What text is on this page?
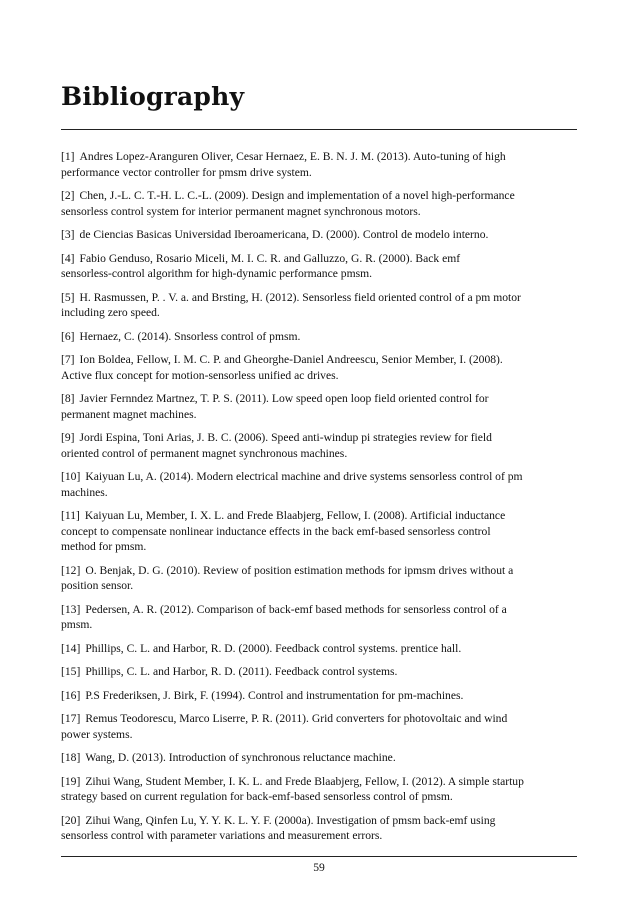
Bibliography
[1] Andres Lopez-Aranguren Oliver, Cesar Hernaez, E. B. N. J. M. (2013). Auto-tuning of high
performance vector controller for pmsm drive system.
[2] Chen, J.-L. C. T.-H. L. C.-L. (2009). Design and implementation of a novel high-performance
sensorless control system for interior permanent magnet synchronous motors.
[3] de Ciencias Basicas Universidad Iberoamericana, D. (2000). Control de modelo interno.
[4] Fabio Genduso, Rosario Miceli, M. I. C. R. and Galluzzo, G. R. (2000). Back emf
sensorless-control algorithm for high-dynamic performance pmsm.
[5] H. Rasmussen, P. . V. a. and Brsting, H. (2012). Sensorless field oriented control of a pm motor
including zero speed.
[6] Hernaez, C. (2014). Snsorless control of pmsm.
[7] Ion Boldea, Fellow, I. M. C. P. and Gheorghe-Daniel Andreescu, Senior Member, I. (2008).
Active flux concept for motion-sensorless unified ac drives.
[8] Javier Fernndez Martnez, T. P. S. (2011). Low speed open loop field oriented control for
permanent magnet machines.
[9] Jordi Espina, Toni Arias, J. B. C. (2006). Speed anti-windup pi strategies review for field
oriented control of permanent magnet synchronous machines.
[10] Kaiyuan Lu, A. (2014). Modern electrical machine and drive systems sensorless control of pm
machines.
[11] Kaiyuan Lu, Member, I. X. L. and Frede Blaabjerg, Fellow, I. (2008). Artificial inductance
concept to compensate nonlinear inductance effects in the back emf-based sensorless control
method for pmsm.
[12] O. Benjak, D. G. (2010). Review of position estimation methods for ipmsm drives without a
position sensor.
[13] Pedersen, A. R. (2012). Comparison of back-emf based methods for sensorless control of a
pmsm.
[14] Phillips, C. L. and Harbor, R. D. (2000). Feedback control systems. prentice hall.
[15] Phillips, C. L. and Harbor, R. D. (2011). Feedback control systems.
[16] P.S Frederiksen, J. Birk, F. (1994). Control and instrumentation for pm-machines.
[17] Remus Teodorescu, Marco Liserre, P. R. (2011). Grid converters for photovoltaic and wind
power systems.
[18] Wang, D. (2013). Introduction of synchronous reluctance machine.
[19] Zihui Wang, Student Member, I. K. L. and Frede Blaabjerg, Fellow, I. (2012). A simple startup
strategy based on current regulation for back-emf-based sensorless control of pmsm.
[20] Zihui Wang, Qinfen Lu, Y. Y. K. L. Y. F. (2000a). Investigation of pmsm back-emf using
sensorless control with parameter variations and measurement errors.
59
